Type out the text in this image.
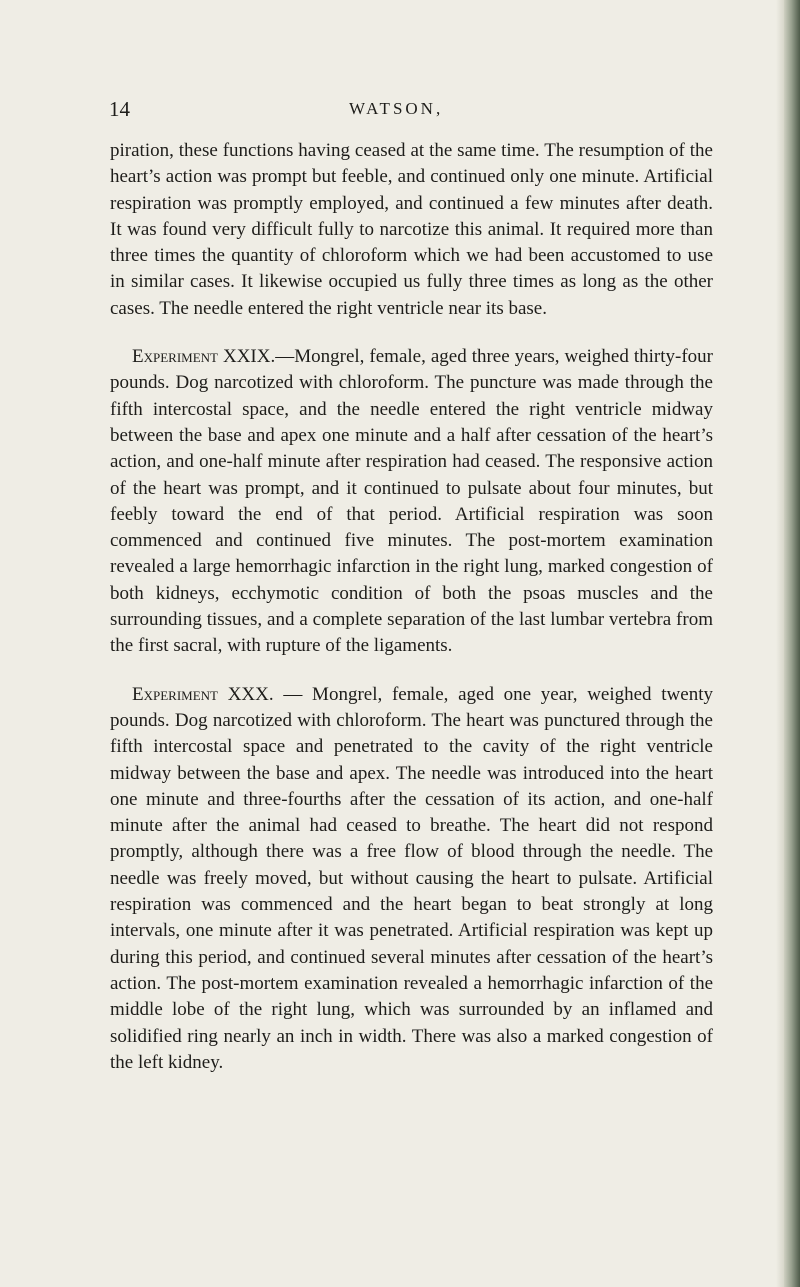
14	WATSON,

piration, these functions having ceased at the same time. The resumption of the heart’s action was prompt but feeble, and continued only one minute. Artificial respiration was promptly employed, and continued a few minutes after death. It was found very difficult fully to narcotize this animal. It required more than three times the quantity of chloroform which we had been accustomed to use in similar cases. It likewise occupied us fully three times as long as the other cases. The needle entered the right ventricle near its base.

Experiment XXIX.—Mongrel, female, aged three years, weighed thirty-four pounds. Dog narcotized with chloroform. The puncture was made through the fifth intercostal space, and the needle entered the right ventricle midway between the base and apex one minute and a half after cessation of the heart’s action, and one-half minute after respiration had ceased. The responsive action of the heart was prompt, and it continued to pulsate about four minutes, but feebly toward the end of that period. Artificial respiration was soon commenced and continued five minutes. The post-mortem examination revealed a large hemorrhagic infarction in the right lung, marked congestion of both kidneys, ecchymotic condition of both the psoas muscles and the surrounding tissues, and a complete separation of the last lumbar vertebra from the first sacral, with rupture of the ligaments.

Experiment XXX. — Mongrel, female, aged one year, weighed twenty pounds. Dog narcotized with chloroform. The heart was punctured through the fifth intercostal space and penetrated to the cavity of the right ventricle midway between the base and apex. The needle was introduced into the heart one minute and three-fourths after the cessation of its action, and one-half minute after the animal had ceased to breathe. The heart did not respond promptly, although there was a free flow of blood through the needle. The needle was freely moved, but without causing the heart to pulsate. Artificial respiration was commenced and the heart began to beat strongly at long intervals, one minute after it was penetrated. Artificial respiration was kept up during this period, and continued several minutes after cessation of the heart’s action. The post-mortem examination revealed a hemorrhagic infarction of the middle lobe of the right lung, which was surrounded by an inflamed and solidified ring nearly an inch in width. There was also a marked congestion of the left kidney.
